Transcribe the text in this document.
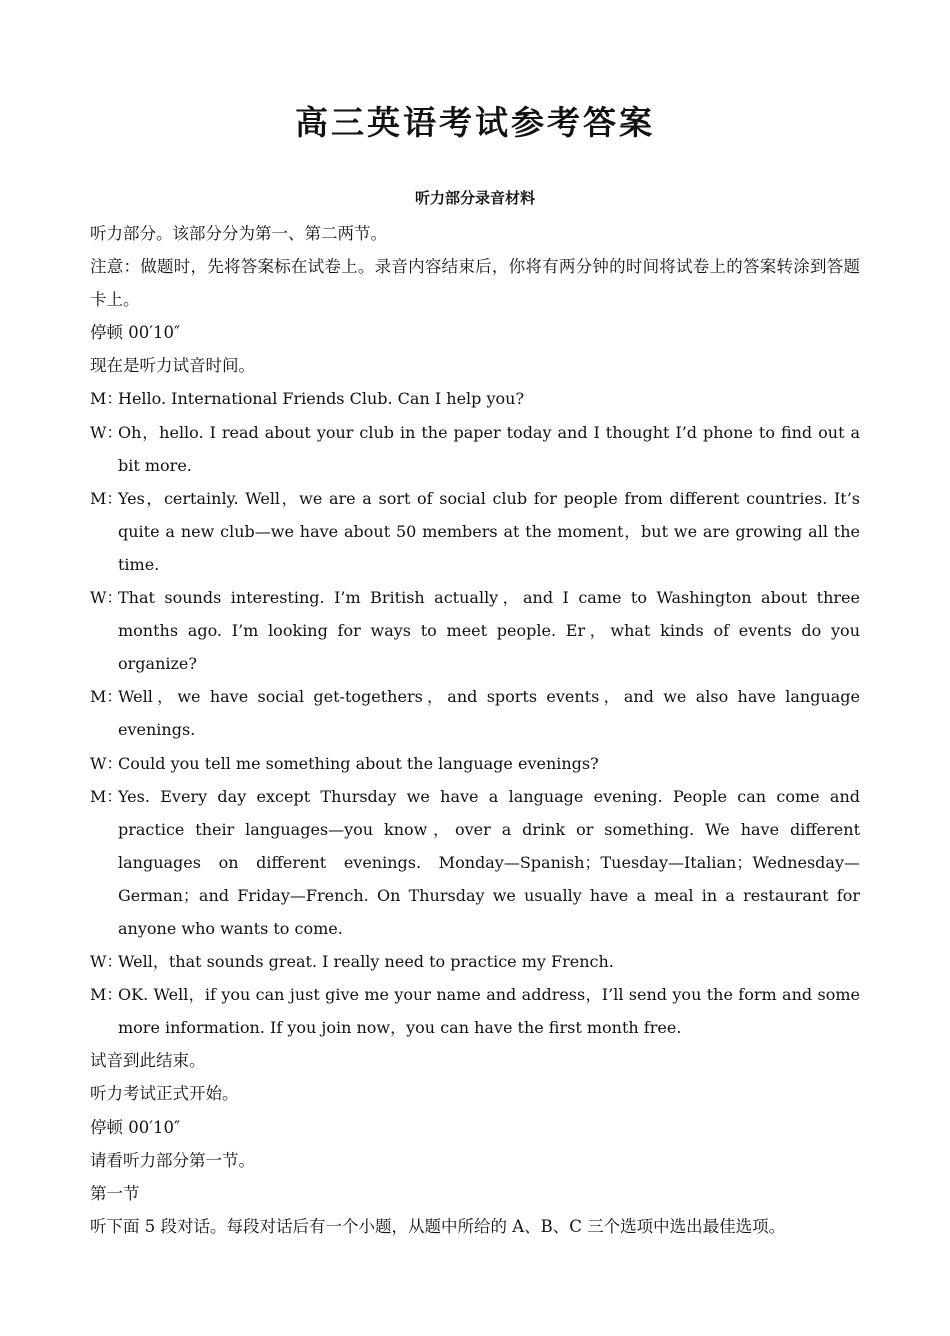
高三英语考试参考答案
听力部分录音材料
听力部分。该部分分为第一、第二两节。
注意：做题时，先将答案标在试卷上。录音内容结束后，你将有两分钟的时间将试卷上的答案转涂到答题卡上。
停顿 00′10″
现在是听力试音时间。
M：Hello. International Friends Club. Can I help you?
W：Oh，hello. I read about your club in the paper today and I thought I’d phone to find out a bit more.
M：Yes，certainly. Well，we are a sort of social club for people from different countries. It’s quite a new club—we have about 50 members at the moment，but we are growing all the time.
W：That sounds interesting. I’m British actually，and I came to Washington about three months ago. I’m looking for ways to meet people. Er，what kinds of events do you organize?
M：Well，we have social get-togethers，and sports events，and we also have language evenings.
W：Could you tell me something about the language evenings?
M：Yes. Every day except Thursday we have a language evening. People can come and practice their languages—you know，over a drink or something. We have different languages on different evenings. Monday—Spanish；Tuesday—Italian；Wednesday—German；and Friday—French. On Thursday we usually have a meal in a restaurant for anyone who wants to come.
W：Well，that sounds great. I really need to practice my French.
M：OK. Well，if you can just give me your name and address，I’ll send you the form and some more information. If you join now，you can have the first month free.
试音到此结束。
听力考试正式开始。
停顿 00′10″
请看听力部分第一节。
第一节
听下面 5 段对话。每段对话后有一个小题，从题中所给的 A、B、C 三个选项中选出最佳选项。
